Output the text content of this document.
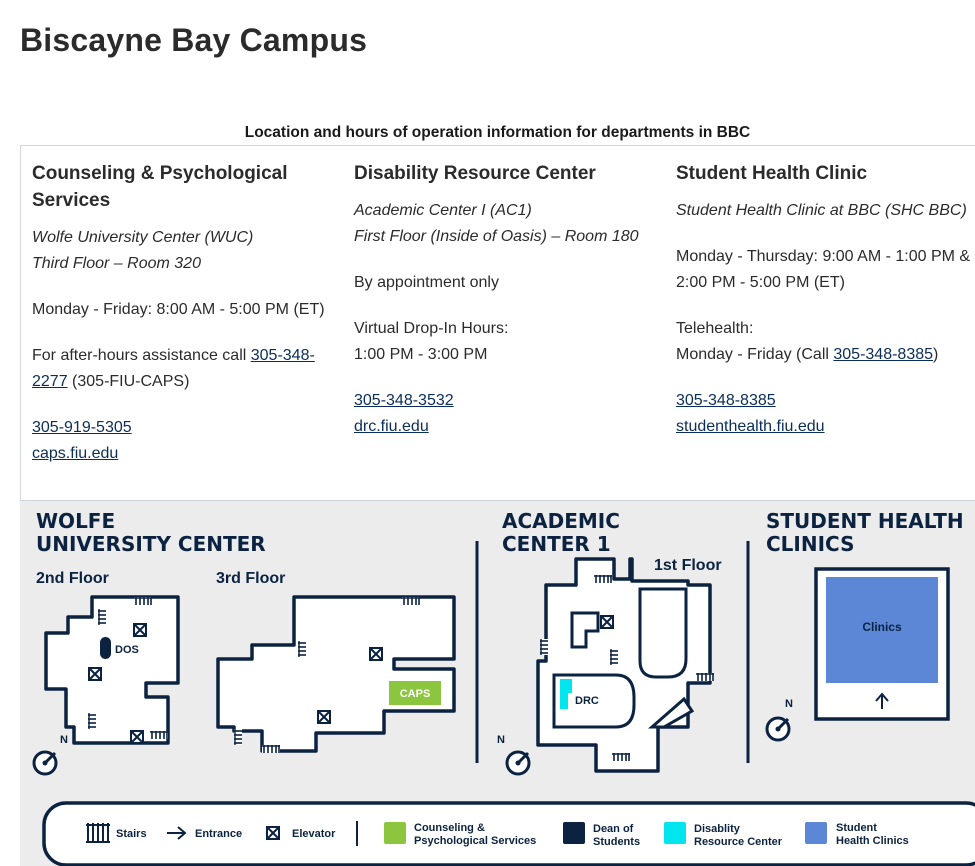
Biscayne Bay Campus
Location and hours of operation information for departments in BBC
Counseling & Psychological Services

Wolfe University Center (WUC)
Third Floor – Room 320

Monday - Friday: 8:00 AM - 5:00 PM (ET)

For after-hours assistance call 305-348-2277 (305-FIU-CAPS)

305-919-5305
caps.fiu.edu
Disability Resource Center

Academic Center I (AC1)
First Floor (Inside of Oasis) – Room 180

By appointment only

Virtual Drop-In Hours:
1:00 PM - 3:00 PM

305-348-3532
drc.fiu.edu
Student Health Clinic

Student Health Clinic at BBC (SHC BBC)

Monday - Thursday: 9:00 AM - 1:00 PM & 2:00 PM - 5:00 PM (ET)

Telehealth:
Monday - Friday (Call 305-348-8385)

305-348-8385
studenthealth.fiu.edu
WOLFE
UNIVERSITY CENTER
2nd Floor	3rd Floor
DOS
N
CAPS
ACADEMIC
CENTER 1
1st Floor
DRC
N
STUDENT HEALTH
CLINICS
Clinics
N
Stairs	Entrance	Elevator	Counseling &
Psychological Services
Dean of
Students
Disablity
Resource Center
Student
Health Clinics
